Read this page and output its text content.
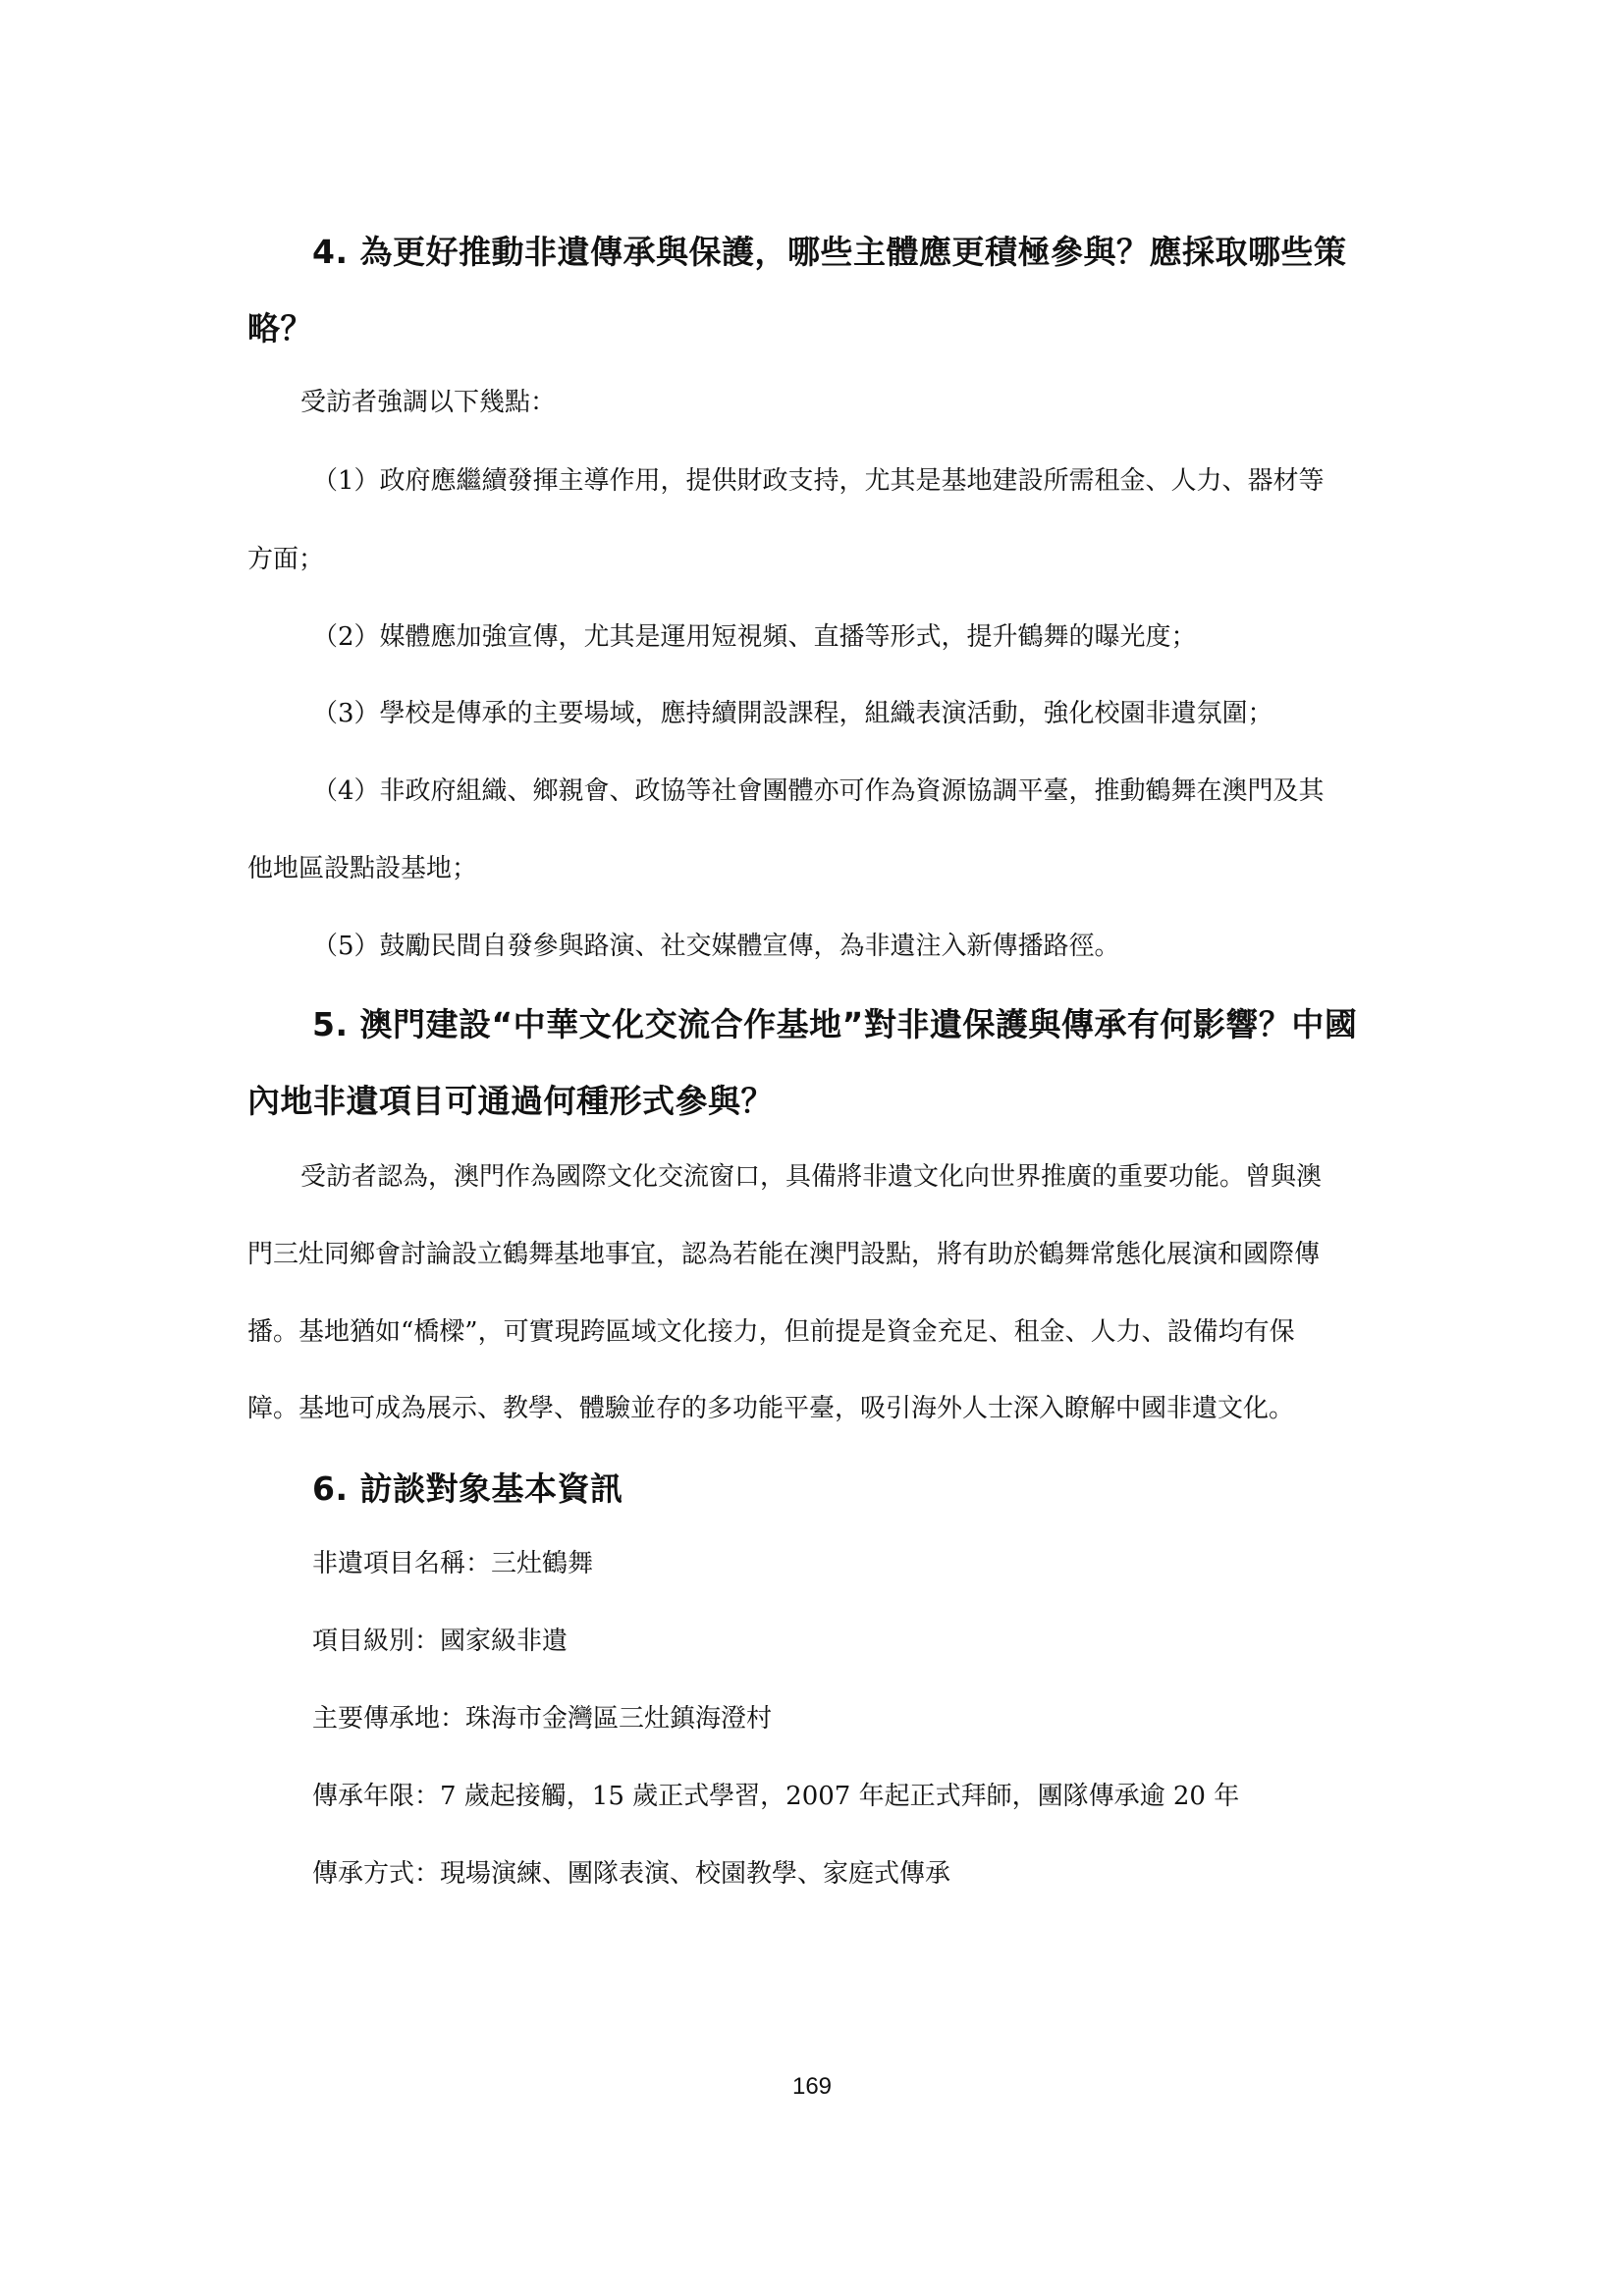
4. 為更好推動非遺傳承與保護，哪些主體應更積極參與？應採取哪些策
略？
受訪者強調以下幾點：
（1）政府應繼續發揮主導作用，提供財政支持，尤其是基地建設所需租金、人力、器材等
方面；
（2）媒體應加強宣傳，尤其是運用短視頻、直播等形式，提升鶴舞的曝光度；
（3）學校是傳承的主要場域，應持續開設課程，組織表演活動，強化校園非遺氛圍；
（4）非政府組織、鄉親會、政協等社會團體亦可作為資源協調平臺，推動鶴舞在澳門及其
他地區設點設基地；
（5）鼓勵民間自發參與路演、社交媒體宣傳，為非遺注入新傳播路徑。
5. 澳門建設“中華文化交流合作基地”對非遺保護與傳承有何影響？中國
內地非遺項目可通過何種形式參與？
受訪者認為，澳門作為國際文化交流窗口，具備將非遺文化向世界推廣的重要功能。曾與澳
門三灶同鄉會討論設立鶴舞基地事宜，認為若能在澳門設點，將有助於鶴舞常態化展演和國際傳
播。基地猶如“橋樑”，可實現跨區域文化接力，但前提是資金充足、租金、人力、設備均有保
障。基地可成為展示、教學、體驗並存的多功能平臺，吸引海外人士深入瞭解中國非遺文化。
6. 訪談對象基本資訊
非遺項目名稱：三灶鶴舞
項目級別：國家級非遺
主要傳承地：珠海市金灣區三灶鎮海澄村
傳承年限：7 歲起接觸，15 歲正式學習，2007 年起正式拜師，團隊傳承逾 20 年
傳承方式：現場演練、團隊表演、校園教學、家庭式傳承
169
